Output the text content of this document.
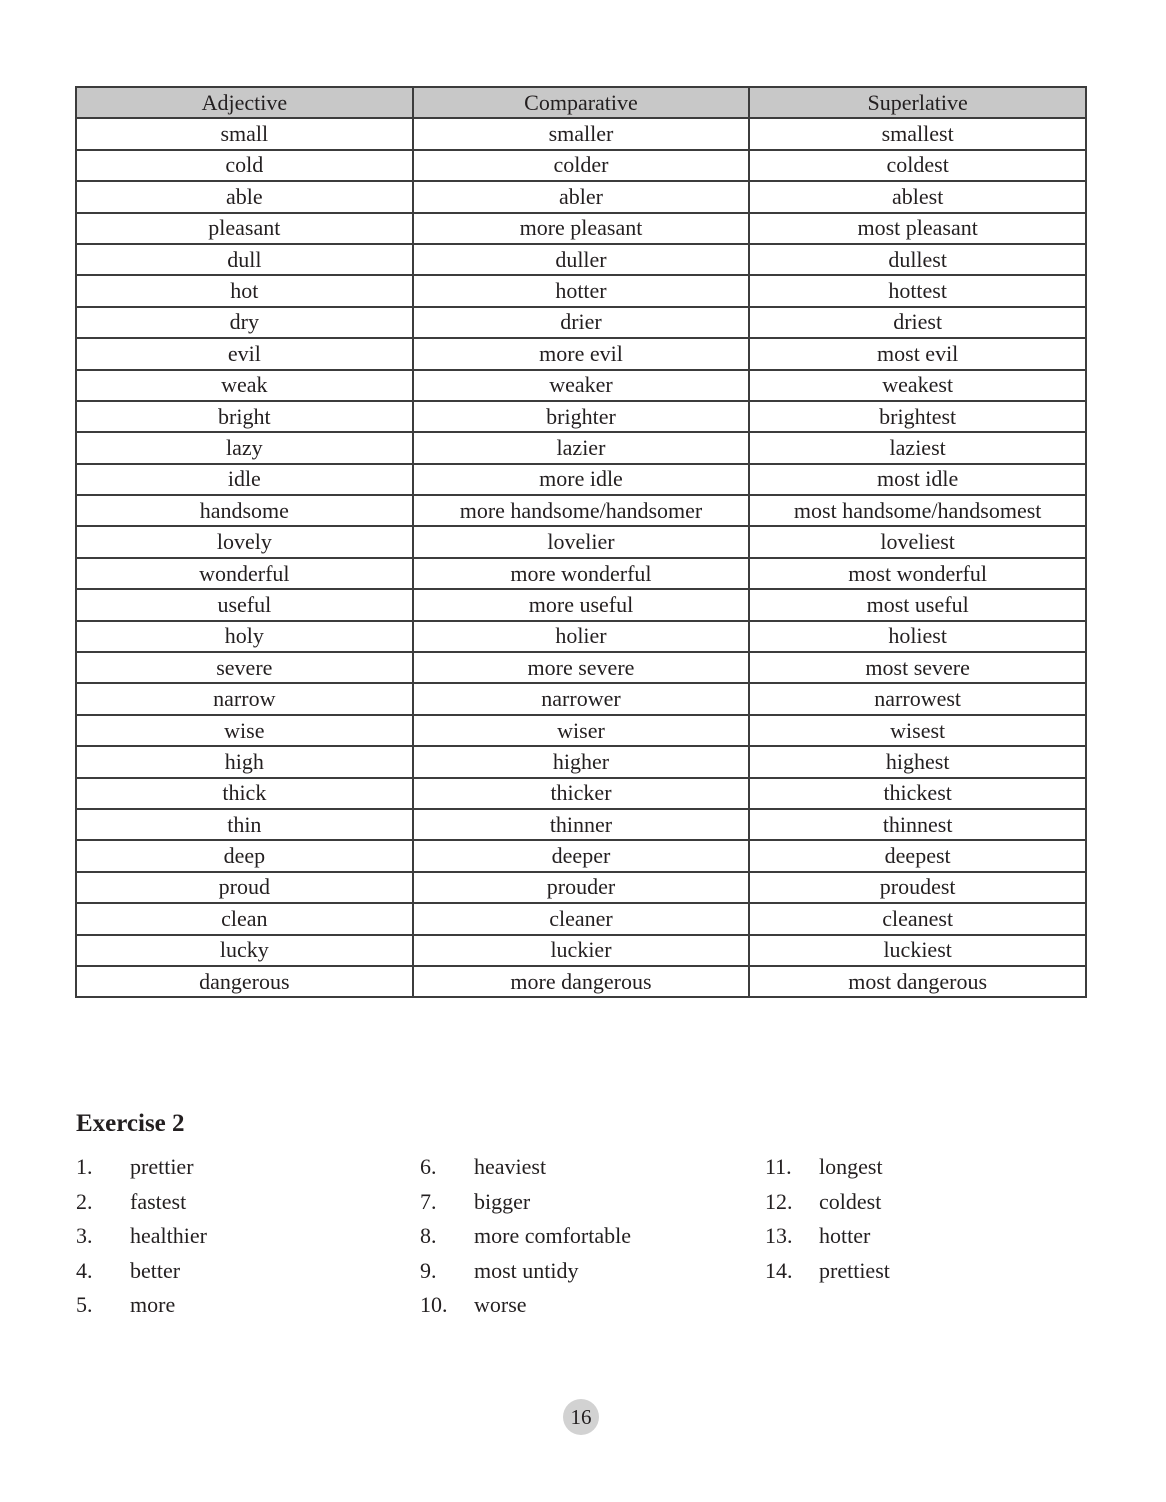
Adjective	Comparative	Superlative
small	smaller	smallest
cold	colder	coldest
able	abler	ablest
pleasant	more pleasant	most pleasant
dull	duller	dullest
hot	hotter	hottest
dry	drier	driest
evil	more evil	most evil
weak	weaker	weakest
bright	brighter	brightest
lazy	lazier	laziest
idle	more idle	most idle
handsome	more handsome/handsomer	most handsome/handsomest
lovely	lovelier	loveliest
wonderful	more wonderful	most wonderful
useful	more useful	most useful
holy	holier	holiest
severe	more severe	most severe
narrow	narrower	narrowest
wise	wiser	wisest
high	higher	highest
thick	thicker	thickest
thin	thinner	thinnest
deep	deeper	deepest
proud	prouder	proudest
clean	cleaner	cleanest
lucky	luckier	luckiest
dangerous	more dangerous	most dangerous
Exercise 2
1. prettier
2. fastest
3. healthier
4. better
5. more
6. heaviest
7. bigger
8. more comfortable
9. most untidy
10. worse
11. longest
12. coldest
13. hotter
14. prettiest
16
